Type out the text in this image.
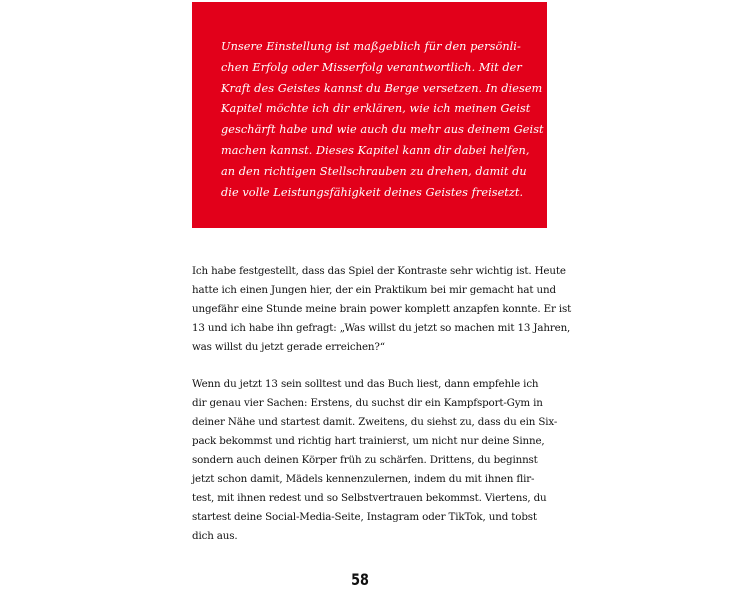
Unsere Einstellung ist maßgeblich für den persönli-
chen Erfolg oder Misserfolg verantwortlich. Mit der
Kraft des Geistes kannst du Berge versetzen. In diesem
Kapitel möchte ich dir erklären, wie ich meinen Geist
geschärft habe und wie auch du mehr aus deinem Geist
machen kannst. Dieses Kapitel kann dir dabei helfen,
an den richtigen Stellschrauben zu drehen, damit du
die volle Leistungsfähigkeit deines Geistes freisetzt.
Ich habe festgestellt, dass das Spiel der Kontraste sehr wichtig ist. Heute
hatte ich einen Jungen hier, der ein Praktikum bei mir gemacht hat und
ungefähr eine Stunde meine brain power komplett anzapfen konnte. Er ist
13 und ich habe ihn gefragt: „Was willst du jetzt so machen mit 13 Jahren,
was willst du jetzt gerade erreichen?“
Wenn du jetzt 13 sein solltest und das Buch liest, dann empfehle ich
dir genau vier Sachen: Erstens, du suchst dir ein Kampfsport-Gym in
deiner Nähe und startest damit. Zweitens, du siehst zu, dass du ein Six-
pack bekommst und richtig hart trainierst, um nicht nur deine Sinne,
sondern auch deinen Körper früh zu schärfen. Drittens, du beginnst
jetzt schon damit, Mädels kennenzulernen, indem du mit ihnen flir-
test, mit ihnen redest und so Selbstvertrauen bekommst. Viertens, du
startest deine Social-Media-Seite, Instagram oder TikTok, und tobst
dich aus.
58
